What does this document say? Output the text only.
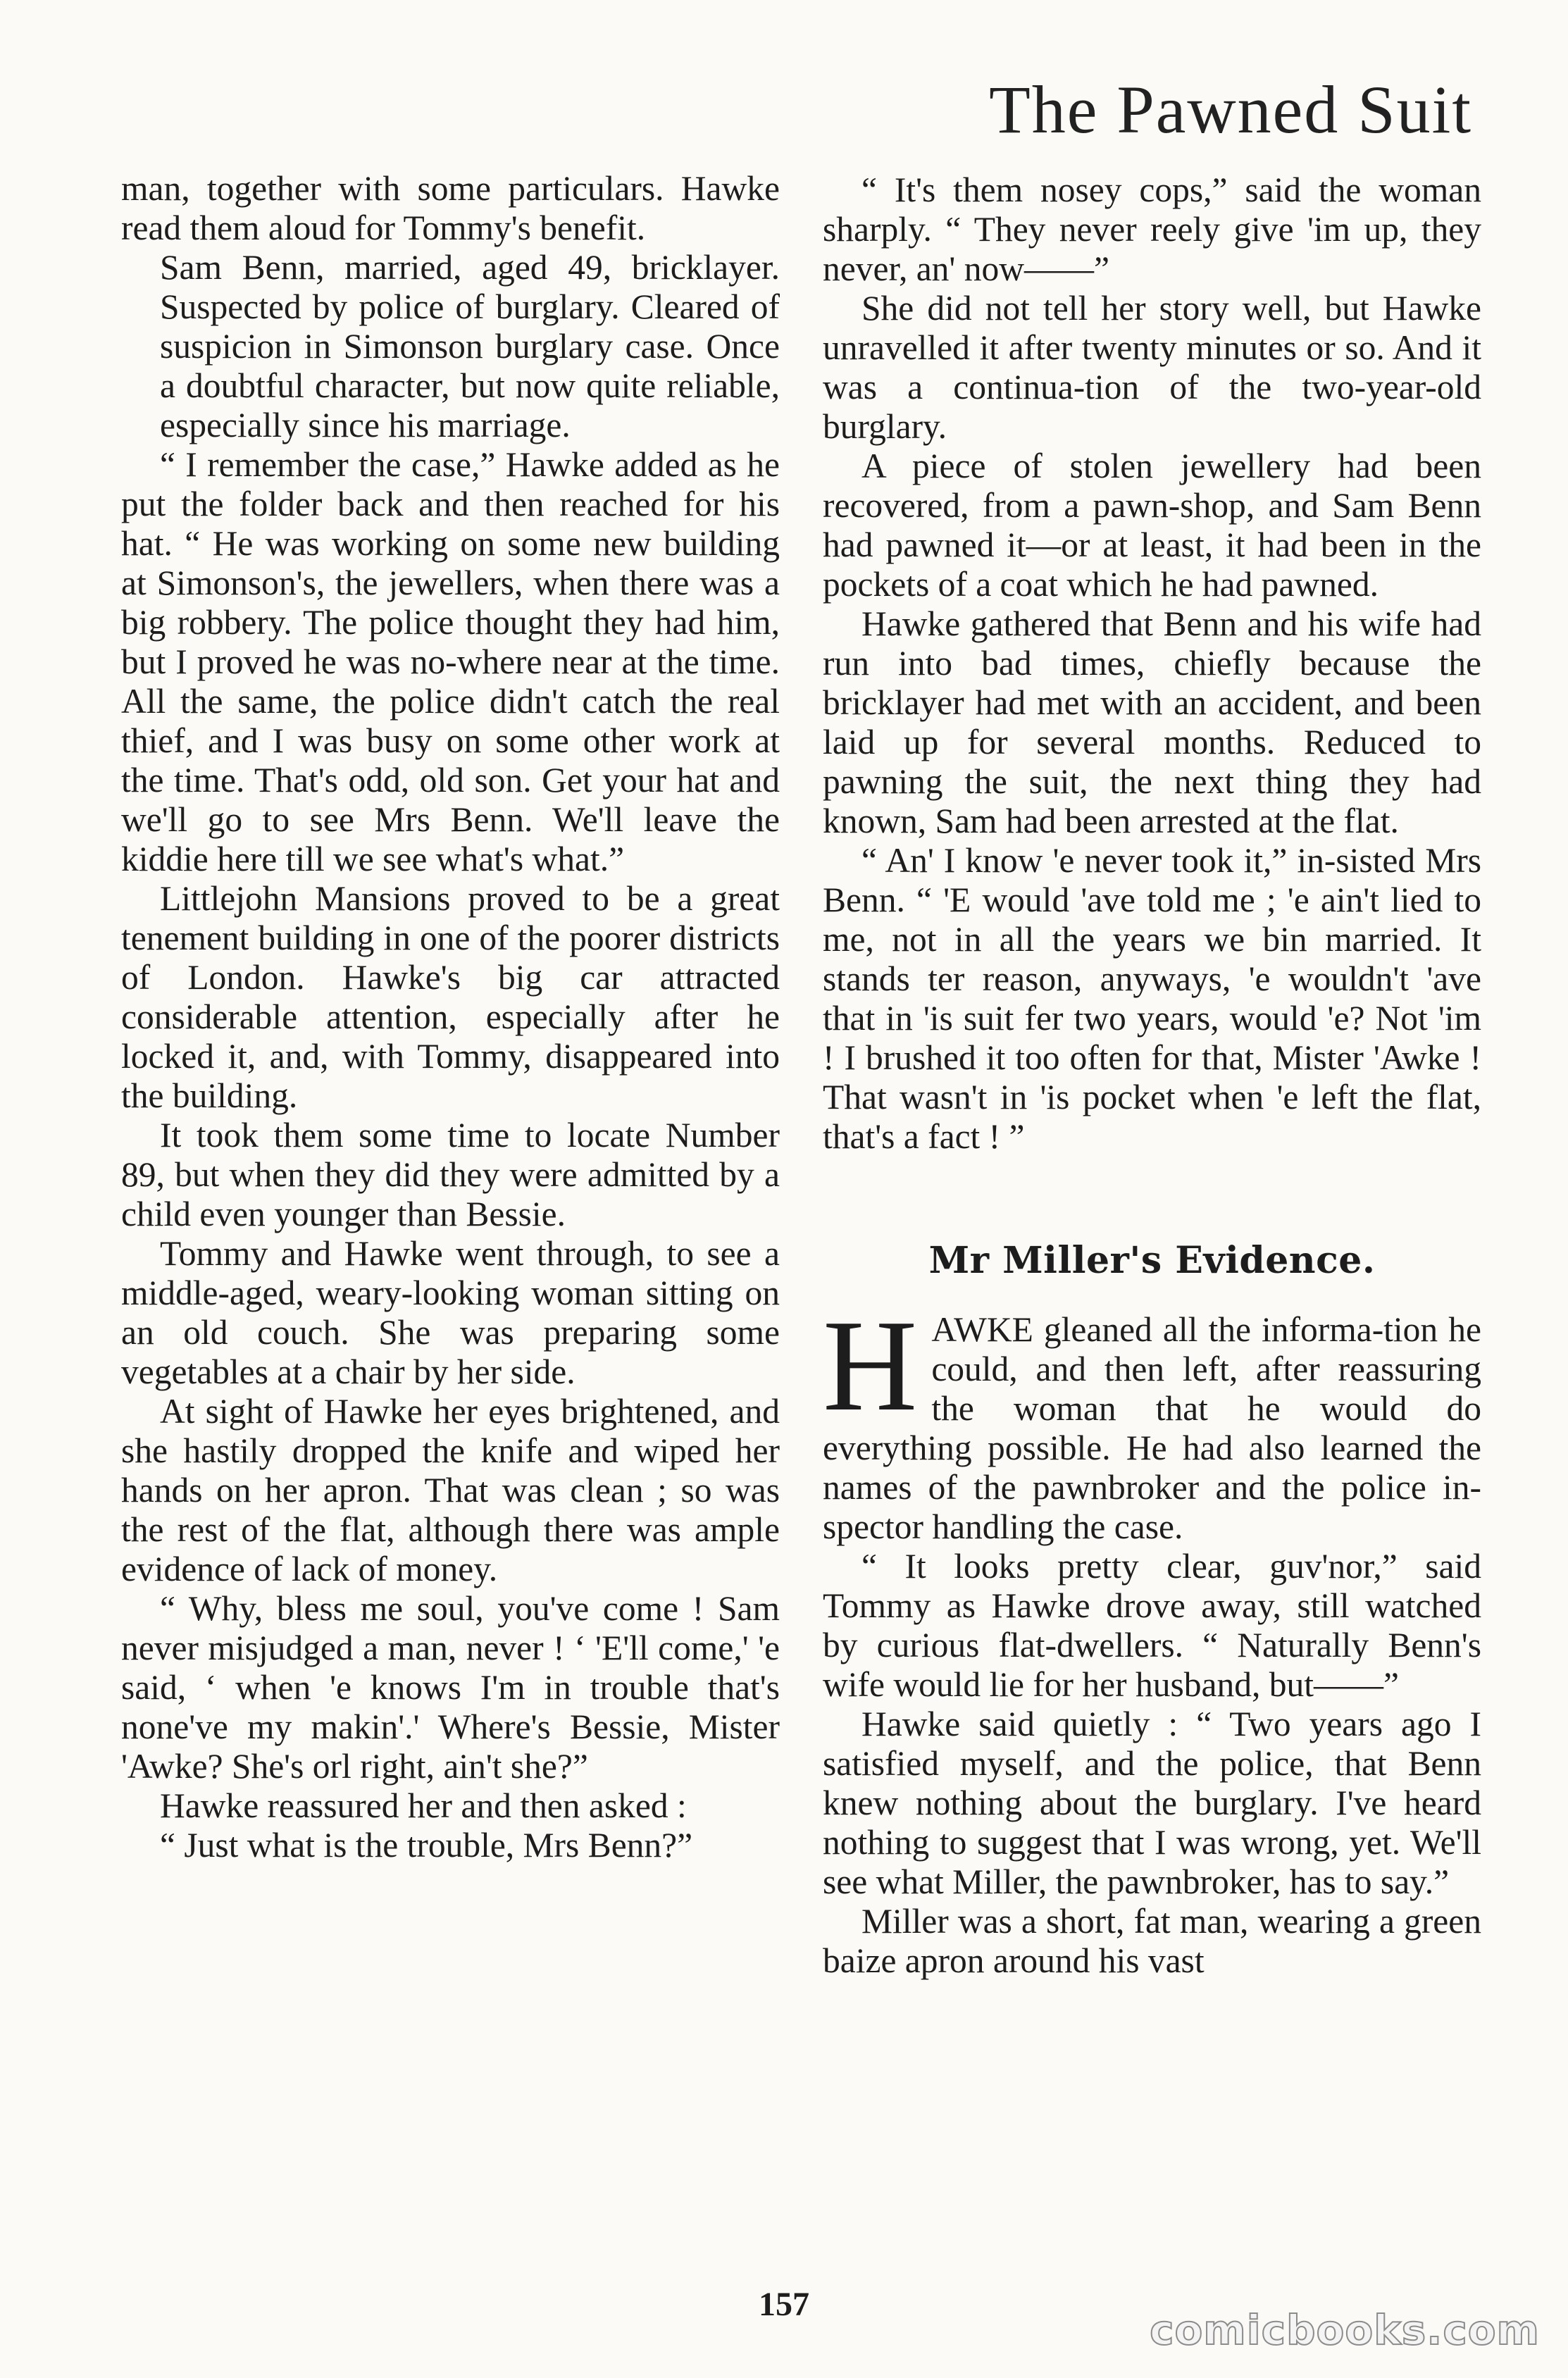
The Pawned Suit

man, together with some particulars. Hawke read them aloud for Tommy's benefit.

Sam Benn, married, aged 49, bricklayer. Suspected by police of burglary. Cleared of suspicion in Simonson burglary case. Once a doubtful character, but now quite reliable, especially since his marriage.

“ I remember the case,” Hawke added as he put the folder back and then reached for his hat. “ He was working on some new building at Simonson's, the jewellers, when there was a big robbery. The police thought they had him, but I proved he was no-where near at the time. All the same, the police didn't catch the real thief, and I was busy on some other work at the time. That's odd, old son. Get your hat and we'll go to see Mrs Benn. We'll leave the kiddie here till we see what's what.”

Littlejohn Mansions proved to be a great tenement building in one of the poorer districts of London. Hawke's big car attracted considerable attention, especially after he locked it, and, with Tommy, disappeared into the building.

It took them some time to locate Number 89, but when they did they were admitted by a child even younger than Bessie.

Tommy and Hawke went through, to see a middle-aged, weary-looking woman sitting on an old couch. She was preparing some vegetables at a chair by her side.

At sight of Hawke her eyes brightened, and she hastily dropped the knife and wiped her hands on her apron. That was clean ; so was the rest of the flat, although there was ample evidence of lack of money.

“ Why, bless me soul, you've come ! Sam never misjudged a man, never ! ‘ 'E'll come,' 'e said, ‘ when 'e knows I'm in trouble that's none've my makin'.' Where's Bessie, Mister 'Awke? She's orl right, ain't she?”

Hawke reassured her and then asked :

“ Just what is the trouble, Mrs Benn?”

“ It's them nosey cops,” said the woman sharply. “ They never reely give 'im up, they never, an' now——”

She did not tell her story well, but Hawke unravelled it after twenty minutes or so. And it was a continua-tion of the two-year-old burglary.

A piece of stolen jewellery had been recovered, from a pawn-shop, and Sam Benn had pawned it—or at least, it had been in the pockets of a coat which he had pawned.

Hawke gathered that Benn and his wife had run into bad times, chiefly because the bricklayer had met with an accident, and been laid up for several months. Reduced to pawning the suit, the next thing they had known, Sam had been arrested at the flat.

“ An' I know 'e never took it,” in-sisted Mrs Benn. “ 'E would 'ave told me ; 'e ain't lied to me, not in all the years we bin married. It stands ter reason, anyways, 'e wouldn't 'ave that in 'is suit fer two years, would 'e? Not 'im ! I brushed it too often for that, Mister 'Awke ! That wasn't in 'is pocket when 'e left the flat, that's a fact ! ”

Mr Miller's Evidence.

HAWKE gleaned all the informa-tion he could, and then left, after reassuring the woman that he would do everything possible. He had also learned the names of the pawnbroker and the police in-spector handling the case.

“ It looks pretty clear, guv'nor,” said Tommy as Hawke drove away, still watched by curious flat-dwellers. “ Naturally Benn's wife would lie for her husband, but——”

Hawke said quietly : “ Two years ago I satisfied myself, and the police, that Benn knew nothing about the burglary. I've heard nothing to suggest that I was wrong, yet. We'll see what Miller, the pawnbroker, has to say.”

Miller was a short, fat man, wearing a green baize apron around his vast

157
comicbooks.com
